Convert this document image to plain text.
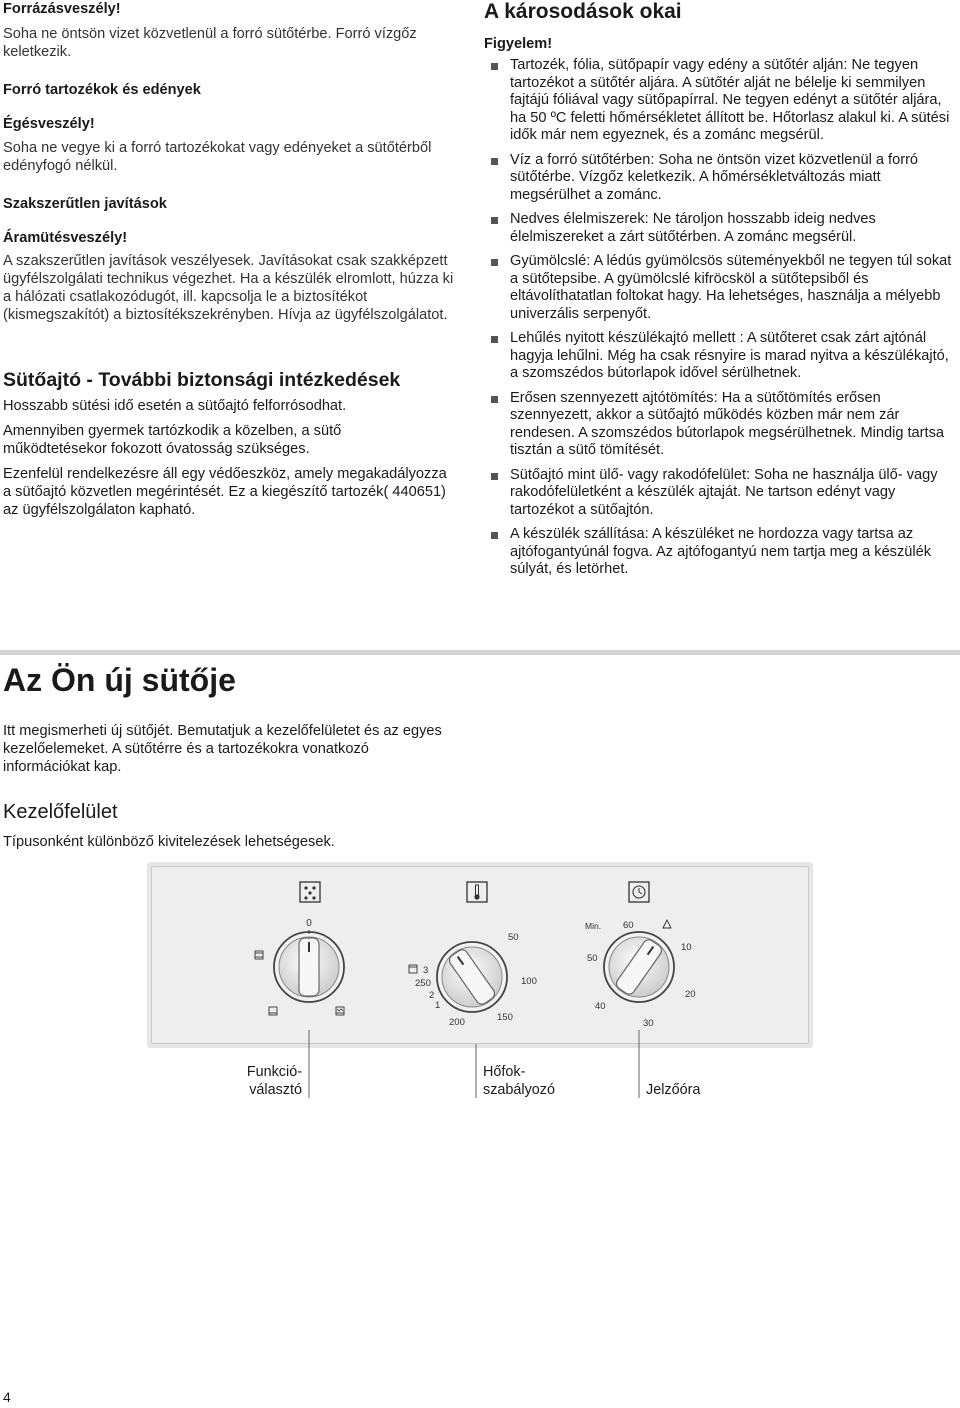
Forrázásveszély!

Soha ne öntsön vizet közvetlenül a forró sütőtérbe. Forró vízgőz keletkezik.

Forró tartozékok és edények

Égésveszély!

Soha ne vegye ki a forró tartozékokat vagy edényeket a sütőtérből edényfogó nélkül.

Szakszerűtlen javítások

Áramütésveszély!

A szakszerűtlen javítások veszélyesek. Javításokat csak szakképzett ügyfélszolgálati technikus végezhet. Ha a készülék elromlott, húzza ki a hálózati csatlakozódugót, ill. kapcsolja le a biztosítékot (kismegszakítót) a biztosítékszekrényben. Hívja az ügyfélszolgálatot.

Sütőajtó - További biztonsági intézkedések

Hosszabb sütési idő esetén a sütőajtó felforrósodhat.

Amennyiben gyermek tartózkodik a közelben, a sütő működtetésekor fokozott óvatosság szükséges.

Ezenfelül rendelkezésre áll egy védőeszköz, amely megakadályozza a sütőajtó közvetlen megérintését. Ez a kiegészítő tartozék( 440651) az ügyfélszolgálaton kapható.

A károsodások okai

Figyelem!

Tartozék, fólia, sütőpapír vagy edény a sütőtér alján: Ne tegyen tartozékot a sütőtér aljára. A sütőtér alját ne bélelje ki semmilyen fajtájú fóliával vagy sütőpapírral. Ne tegyen edényt a sütőtér aljára, ha 50 ºC feletti hőmérsékletet állított be. Hőtorlasz alakul ki. A sütési idők már nem egyeznek, és a zománc megsérül.
Víz a forró sütőtérben: Soha ne öntsön vizet közvetlenül a forró sütőtérbe. Vízgőz keletkezik. A hőmérsékletváltozás miatt megsérülhet a zománc.
Nedves élelmiszerek: Ne tároljon hosszabb ideig nedves élelmiszereket a zárt sütőtérben. A zománc megsérül.
Gyümölcslé: A lédús gyümölcsös süteményekből ne tegyen túl sokat a sütőtepsibe. A gyümölcslé kifröcsköl a sütőtepsiből és eltávolíthatatlan foltokat hagy. Ha lehetséges, használja a mélyebb univerzális serpenyőt.
Lehűlés nyitott készülékajtó mellett : A sütőteret csak zárt ajtónál hagyja lehűlni. Még ha csak résnyire is marad nyitva a készülékajtó, a szomszédos bútorlapok idővel sérülhetnek.
Erősen szennyezett ajtótömítés: Ha a sütőtömítés erősen szennyezett, akkor a sütőajtó működés közben már nem zár rendesen. A szomszédos bútorlapok megsérülhetnek. Mindig tartsa tisztán a sütő tömítését.
Sütőajtó mint ülő- vagy rakodófelület: Soha ne használja ülő- vagy rakodófelületként a készülék ajtaját. Ne tartson edényt vagy tartozékot a sütőajtón.
A készülék szállítása: A készüléket ne hordozza vagy tartsa az ajtófogantyúnál fogva. Az ajtófogantyú nem tartja meg a készülék súlyát, és letörhet.

Az Ön új sütője

Itt megismerheti új sütőjét. Bemutatjuk a kezelőfelületet és az egyes kezelőelemeket. A sütőtérre és a tartozékokra vonatkozó információkat kap.

Kezelőfelület

Típusonként különböző kivitelezések lehetségesek.

0
50
3
250
2
1
100
200	150
Min. 60
10
50
20
40
30

Funkció-

választó

Hőfok-

szabályozó	Jelzőóra

4
